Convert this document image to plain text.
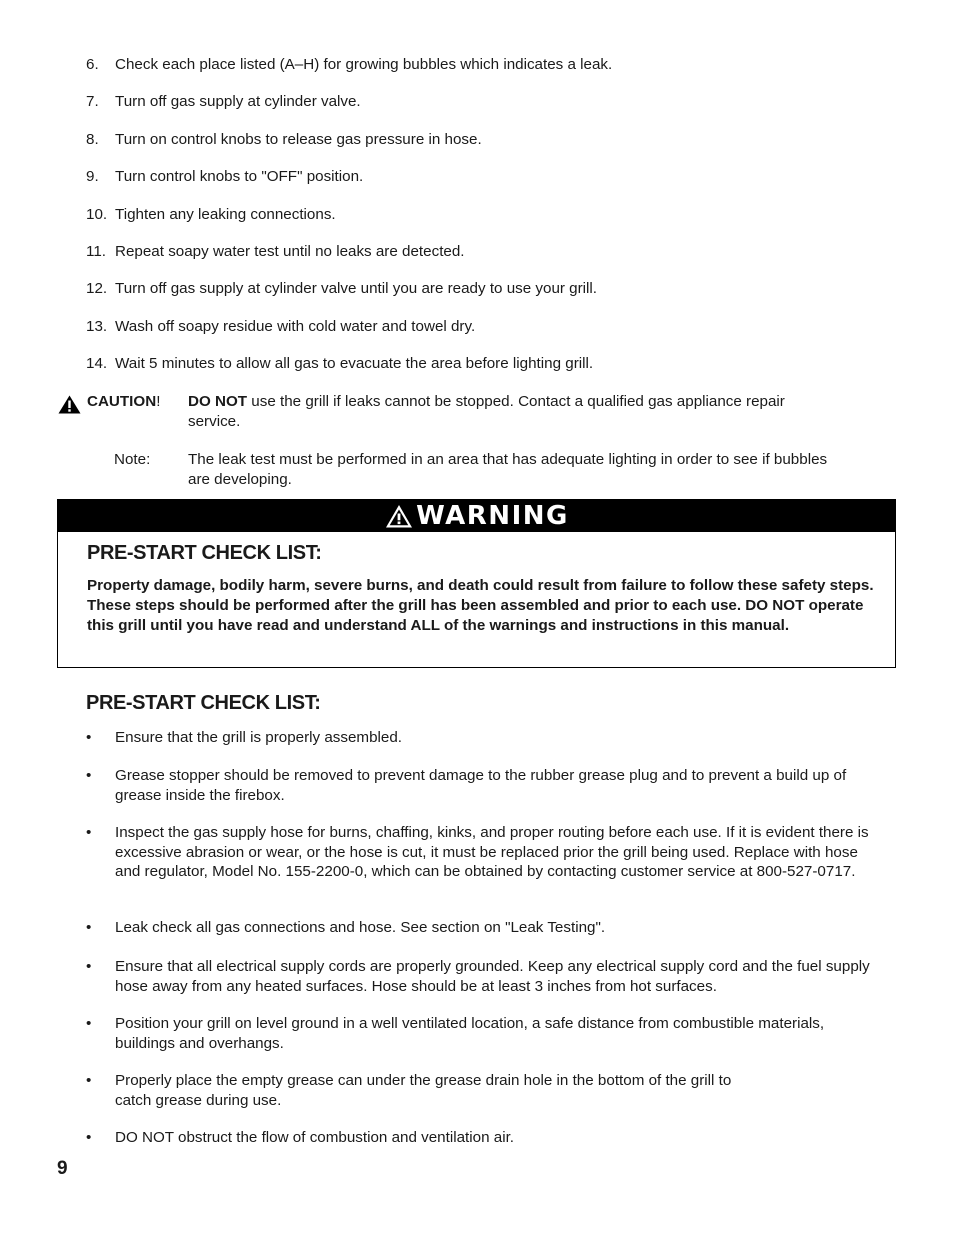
6.	Check each place listed (A–H) for growing bubbles which indicates a leak.
7.	Turn off gas supply at cylinder valve.
8.	Turn on control knobs to release gas pressure in hose.
9.	Turn control knobs to "OFF" position.
10. Tighten any leaking connections.
11. Repeat soapy water test until no leaks are detected.
12. Turn off gas supply at cylinder valve until you are ready to use your grill.
13. Wash off soapy residue with cold water and towel dry.
14. Wait 5 minutes to allow all gas to evacuate the area before lighting grill.
CAUTION! DO NOT use the grill if leaks cannot be stopped. Contact a qualified gas appliance repair service.
Note: The leak test must be performed in an area that has adequate lighting in order to see if bubbles are developing.
WARNING
PRE-START CHECK LIST:

Property damage, bodily harm, severe burns, and death could result from failure to follow these safety steps. These steps should be performed after the grill has been assembled and prior to each use. DO NOT operate this grill until you have read and understand ALL of the warnings and instructions in this manual.

PRE-START CHECK LIST:
• Ensure that the grill is properly assembled.
• Grease stopper should be removed to prevent damage to the rubber grease plug and to prevent a build up of grease inside the firebox.
• Inspect the gas supply hose for burns, chaffing, kinks, and proper routing before each use. If it is evident there is excessive abrasion or wear, or the hose is cut, it must be replaced prior the grill being used. Replace with hose and regulator, Model No. 155-2200-0, which can be obtained by contacting customer service at 800-527-0717.
• Leak check all gas connections and hose. See section on "Leak Testing".
• Ensure that all electrical supply cords are properly grounded. Keep any electrical supply cord and the fuel supply hose away from any heated surfaces. Hose should be at least 3 inches from hot surfaces.
• Position your grill on level ground in a well ventilated location, a safe distance from combustible materials, buildings and overhangs.
• Properly place the empty grease can under the grease drain hole in the bottom of the grill to catch grease during use.
• DO NOT obstruct the flow of combustion and ventilation air.
9
